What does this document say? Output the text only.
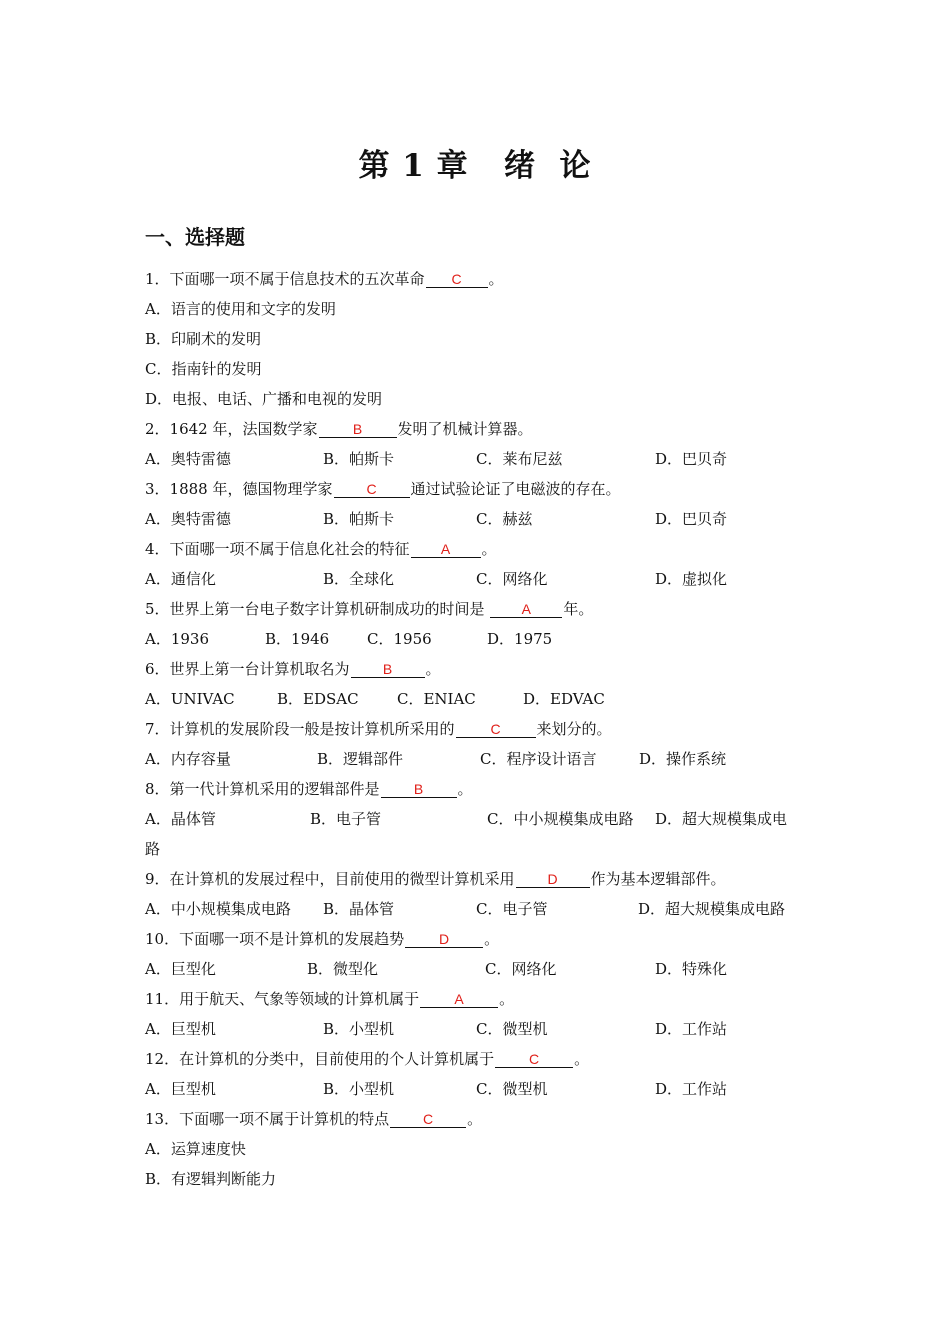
第 1 章   绪  论
一、选择题
1．下面哪一项不属于信息技术的五次革命 C 。
A．语言的使用和文字的发明
B．印刷术的发明
C．指南针的发明
D．电报、电话、广播和电视的发明
2．1642 年，法国数学家	B 发明了机械计算器。
A．奥特雷德	B．帕斯卡	C．莱布尼兹	D．巴贝奇
3．1888 年，德国物理学家 C 通过试验论证了电磁波的存在。
A．奥特雷德	B．帕斯卡	C．赫兹	D．巴贝奇
4．下面哪一项不属于信息化社会的特征 A 。
A．通信化	B．全球化	C．网络化	D．虚拟化
5．世界上第一台电子数字计算机研制成功的时间是 A 年。
A．1936	B．1946	C．1956	D．1975
6．世界上第一台计算机取名为 B 。
A．UNIVAC	B．EDSAC	C．ENIAC	D．EDVAC
7．计算机的发展阶段一般是按计算机所采用的	C 来划分的。
A．内存容量	B．逻辑部件	C．程序设计语言	D．操作系统
8．第一代计算机采用的逻辑部件是 B 。
A．晶体管	B．电子管	C．中小规模集成电路 D．超大规模集成电
路
9．在计算机的发展过程中，目前使用的微型计算机采用 D 作为基本逻辑部件。
A．中小规模集成电路 B．晶体管	C．电子管	D．超大规模集成电路
10．下面哪一项不是计算机的发展趋势 D 。
A．巨型化	B．微型化	C．网络化	D．特殊化
11．用于航天、气象等领域的计算机属于	A 。
A．巨型机	B．小型机	C．微型机	D．工作站
12．在计算机的分类中，目前使用的个人计算机属于 C 。
A．巨型机	B．小型机	C．微型机	D．工作站
13．下面哪一项不属于计算机的特点 C 。
A．运算速度快
B．有逻辑判断能力
